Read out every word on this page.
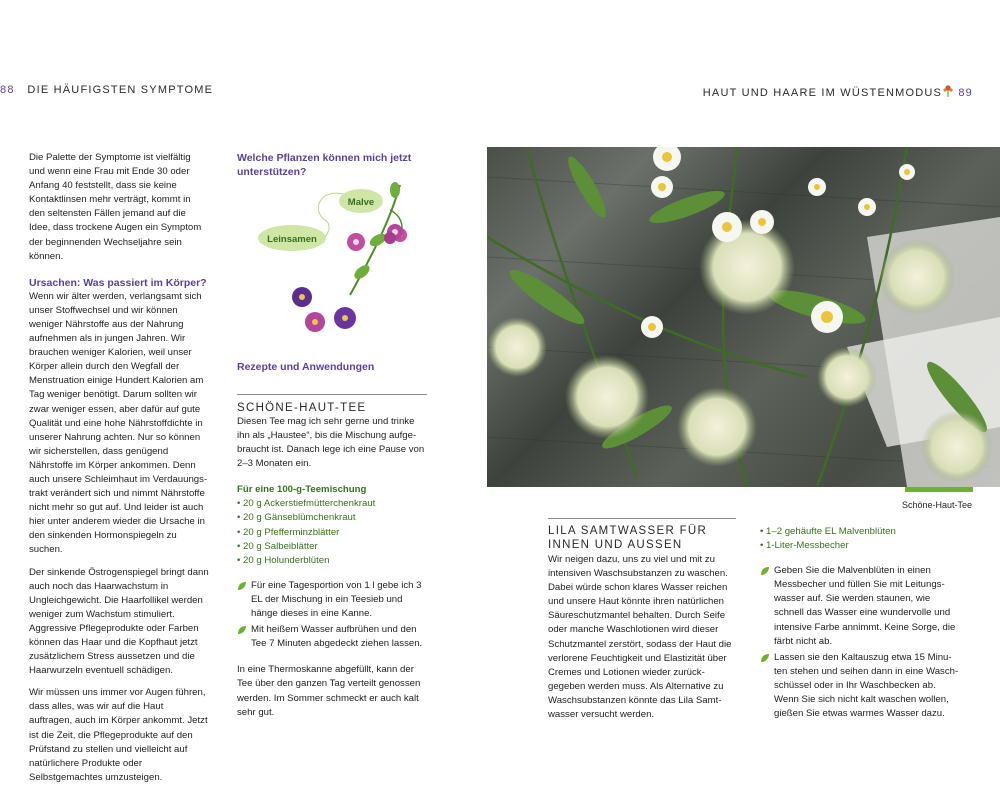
88 DIE HÄUFIGSTEN SYMPTOME	HAUT UND HAARE IM WÜSTENMODUS 89

Die Palette der Symptome ist vielfältig und wenn eine Frau mit Ende 30 oder Anfang 40 feststellt, dass sie keine Kontaktlinsen mehr verträgt, kommt in den seltensten Fällen jemand auf die Idee, dass trockene Augen ein Symptom der beginnenden Wechseljahre sein können.

Ursachen: Was passiert im Körper?

Wenn wir älter werden, verlangsamt sich unser Stoffwechsel und wir können weniger Nährstoffe aus der Nahrung aufnehmen als in jungen Jahren. Wir brauchen weniger Kalorien, weil unser Körper allein durch den Wegfall der Menstruation einige Hundert Kalorien am Tag weniger benötigt. Darum sollten wir zwar weniger essen, aber dafür auf gute Qualität und eine hohe Nährstoffdichte in unserer Nahrung achten. Nur so können wir sicherstellen, dass genügend Nährstoffe im Körper ankommen. Denn auch unsere Schleimhaut im Verdauungstrakt verändert sich und nimmt Nährstoffe nicht mehr so gut auf. Und leider ist auch hier unter anderem wieder die Ursache in den sinkenden Hormonspiegeln zu suchen.

Der sinkende Östrogenspiegel bringt dann auch noch das Haarwachstum in Ungleichgewicht. Die Haarfollikel werden weniger zum Wachstum stimuliert. Aggressive Pflegeprodukte oder Farben können das Haar und die Kopfhaut jetzt zusätzlichem Stress aussetzen und die Haarwurzeln eventuell schädigen.

Wir müssen uns immer vor Augen führen, dass alles, was wir auf die Haut auftragen, auch im Körper ankommt. Jetzt ist die Zeit, die Pflegeprodukte auf den Prüfstand zu stellen und vielleicht auf natürlichere Produkte oder Selbstgemachtes umzusteigen.

Welche Pflanzen können mich jetzt unterstützen?
Malve
Leinsamen
Rezepte und Anwendungen
SCHÖNE-HAUT-TEE

Diesen Tee mag ich sehr gerne und trinke ihn als „Haustee“, bis die Mischung aufgebraucht ist. Danach lege ich eine Pause von 2–3 Monaten ein.

Für eine 100-g-Teemischung
• 20 g Ackerstiefmütterchenkraut
• 20 g Gänseblümchenkraut
• 20 g Pfefferminzblätter
• 20 g Salbeiblätter
• 20 g Holunderblüten
Für eine Tagesportion von 1 l gebe ich 3 EL der Mischung in ein Teesieb und hänge dieses in eine Kanne.
Mit heißem Wasser aufbrühen und den Tee 7 Minuten abgedeckt ziehen lassen.

In eine Thermoskanne abgefüllt, kann der Tee über den ganzen Tag verteilt genossen werden. Im Sommer schmeckt er auch kalt sehr gut.

Schöne-Haut-Tee
LILA SAMTWASSER FÜR
INNEN UND AUSSEN
Wir neigen dazu, uns zu viel und mit zu intensiven Waschsubstanzen zu waschen. Dabei würde schon klares Wasser reichen und unsere Haut könnte ihren natürlichen Säureschutzmantel behalten. Durch Seife oder manche Waschlotionen wird dieser Schutzmantel zerstört, sodass der Haut die verlorene Feuchtigkeit und Elastizität über Cremes und Lotionen wieder zurückgegeben werden muss. Als Alternative zu Waschsubstanzen könnte das Lila Samtwasser versucht werden.
• 1–2 gehäufte EL Malvenblüten
• 1-Liter-Messbecher
Geben Sie die Malvenblüten in einen Messbecher und füllen Sie mit Leitungswasser auf. Sie werden staunen, wie schnell das Wasser eine wundervolle und intensive Farbe annimmt. Keine Sorge, die färbt nicht ab.
Lassen sie den Kaltauszug etwa 15 Minuten stehen und seihen dann in eine Waschschüssel oder in Ihr Waschbecken ab. Wenn Sie sich nicht kalt waschen wollen, gießen Sie etwas warmes Wasser dazu.
